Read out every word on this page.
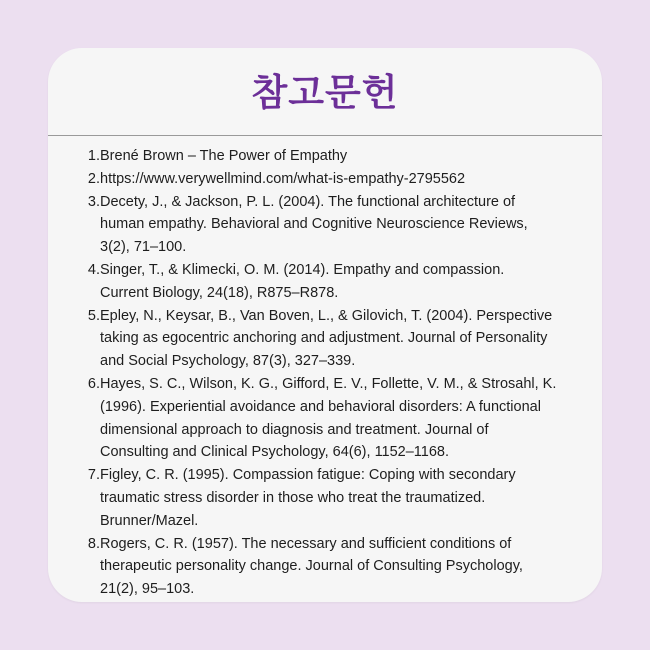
참고문헌
1. Brené Brown – The Power of Empathy
2. https://www.verywellmind.com/what-is-empathy-2795562
3. Decety, J., & Jackson, P. L. (2004). The functional architecture of
human empathy. Behavioral and Cognitive Neuroscience Reviews,
3(2), 71–100.
4. Singer, T., & Klimecki, O. M. (2014). Empathy and compassion.
Current Biology, 24(18), R875–R878.
5. Epley, N., Keysar, B., Van Boven, L., & Gilovich, T. (2004). Perspective
taking as egocentric anchoring and adjustment. Journal of Personality
and Social Psychology, 87(3), 327–339.
6. Hayes, S. C., Wilson, K. G., Gifford, E. V., Follette, V. M., & Strosahl, K.
(1996). Experiential avoidance and behavioral disorders: A functional
dimensional approach to diagnosis and treatment. Journal of
Consulting and Clinical Psychology, 64(6), 1152–1168.
7. Figley, C. R. (1995). Compassion fatigue: Coping with secondary
traumatic stress disorder in those who treat the traumatized.
Brunner/Mazel.
8. Rogers, C. R. (1957). The necessary and sufficient conditions of
therapeutic personality change. Journal of Consulting Psychology,
21(2), 95–103.
